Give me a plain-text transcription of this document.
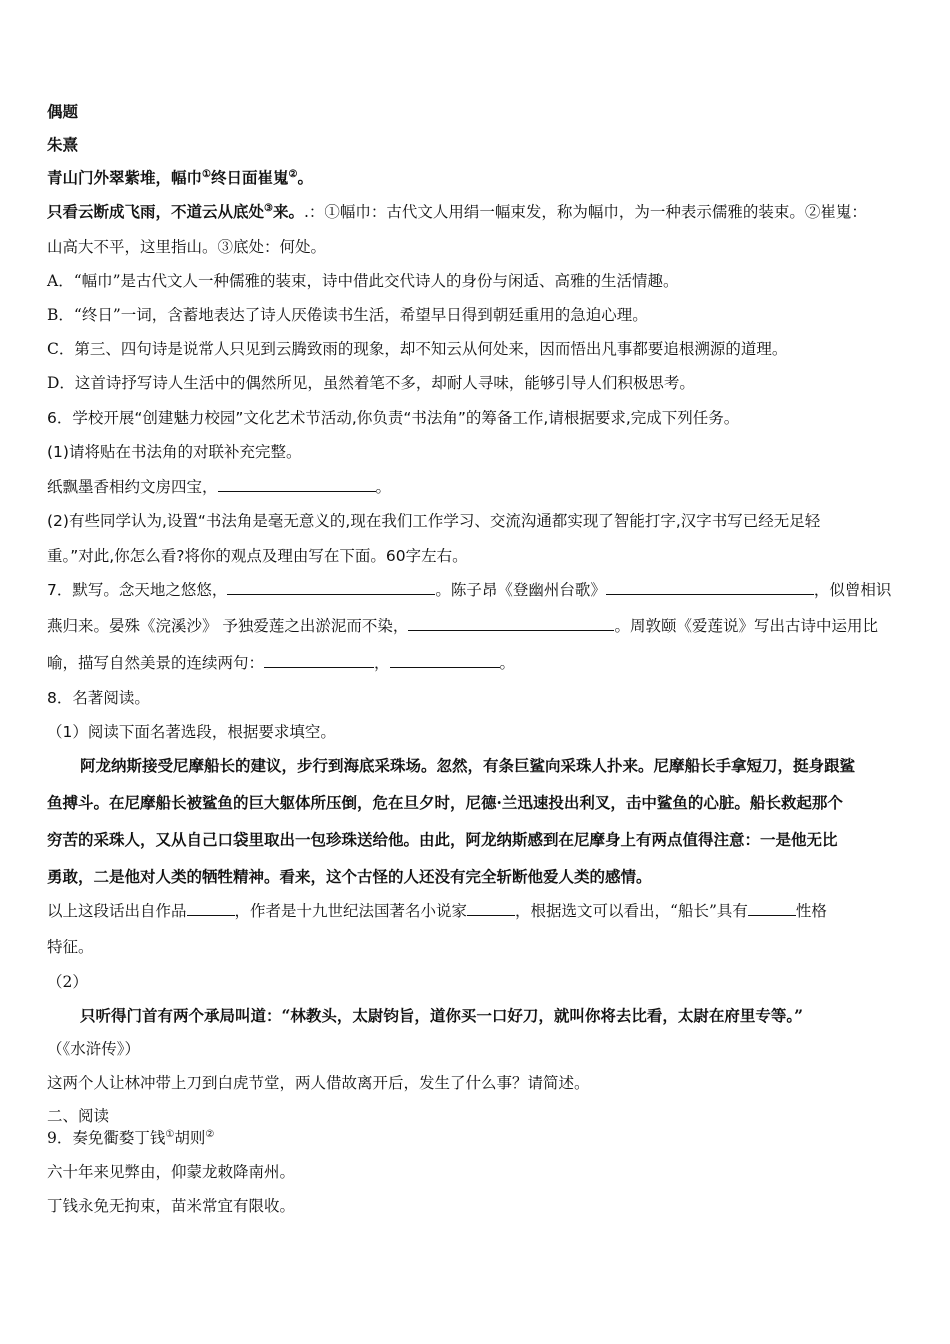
偶题
朱熹
青山门外翠紫堆，幅巾①终日面崔嵬②。
只看云断成飞雨，不道云从底处③来。.：①幅巾：古代文人用绢一幅束发，称为幅巾，为一种表示儒雅的装束。②崔嵬：
山高大不平，这里指山。③底处：何处。
A．“幅巾”是古代文人一种儒雅的装束，诗中借此交代诗人的身份与闲适、高雅的生活情趣。
B．“终日”一词，含蓄地表达了诗人厌倦读书生活，希望早日得到朝廷重用的急迫心理。
C．第三、四句诗是说常人只见到云腾致雨的现象，却不知云从何处来，因而悟出凡事都要追根溯源的道理。
D．这首诗抒写诗人生活中的偶然所见，虽然着笔不多，却耐人寻味，能够引导人们积极思考。
6．学校开展“创建魅力校园”文化艺术节活动,你负责“书法角”的筹备工作,请根据要求,完成下列任务。
(1)请将贴在书法角的对联补充完整。
纸飘墨香相约文房四宝，	。
(2)有些同学认为,设置“书法角是毫无意义的,现在我们工作学习、交流沟通都实现了智能打字,汉字书写已经无足轻
重。”对此,你怎么看?将你的观点及理由写在下面。60字左右。
7．默写。念天地之悠悠，	。陈子昂《登幽州台歌》	，似曾相识
燕归来。晏殊《浣溪沙》 予独爱莲之出淤泥而不染，	。周敦颐《爱莲说》写出古诗中运用比
喻，描写自然美景的连续两句：	，	。
8．名著阅读。
（1）阅读下面名著选段，根据要求填空。
阿龙纳斯接受尼摩船长的建议，步行到海底采珠场。忽然，有条巨鲨向采珠人扑来。尼摩船长手拿短刀，挺身跟鲨
鱼搏斗。在尼摩船长被鲨鱼的巨大躯体所压倒，危在旦夕时，尼德·兰迅速投出利叉，击中鲨鱼的心脏。船长救起那个
穷苦的采珠人，又从自己口袋里取出一包珍珠送给他。由此，阿龙纳斯感到在尼摩身上有两点值得注意：一是他无比
勇敢，二是他对人类的牺牲精神。看来，这个古怪的人还没有完全斩断他爱人类的感情。
以上这段话出自作品	，作者是十九世纪法国著名小说家	，根据选文可以看出，“船长”具有	性格
特征。
（2）
只听得门首有两个承局叫道：“林教头，太尉钧旨，道你买一口好刀，就叫你将去比看，太尉在府里专等。”
（《水浒传》）
这两个人让林冲带上刀到白虎节堂，两人借故离开后，发生了什么事？请简述。
二、阅读
9．奏免衢婺丁钱①胡则②
六十年来见弊由，仰蒙龙敕降南州。
丁钱永免无拘束，苗米常宜有限收。
